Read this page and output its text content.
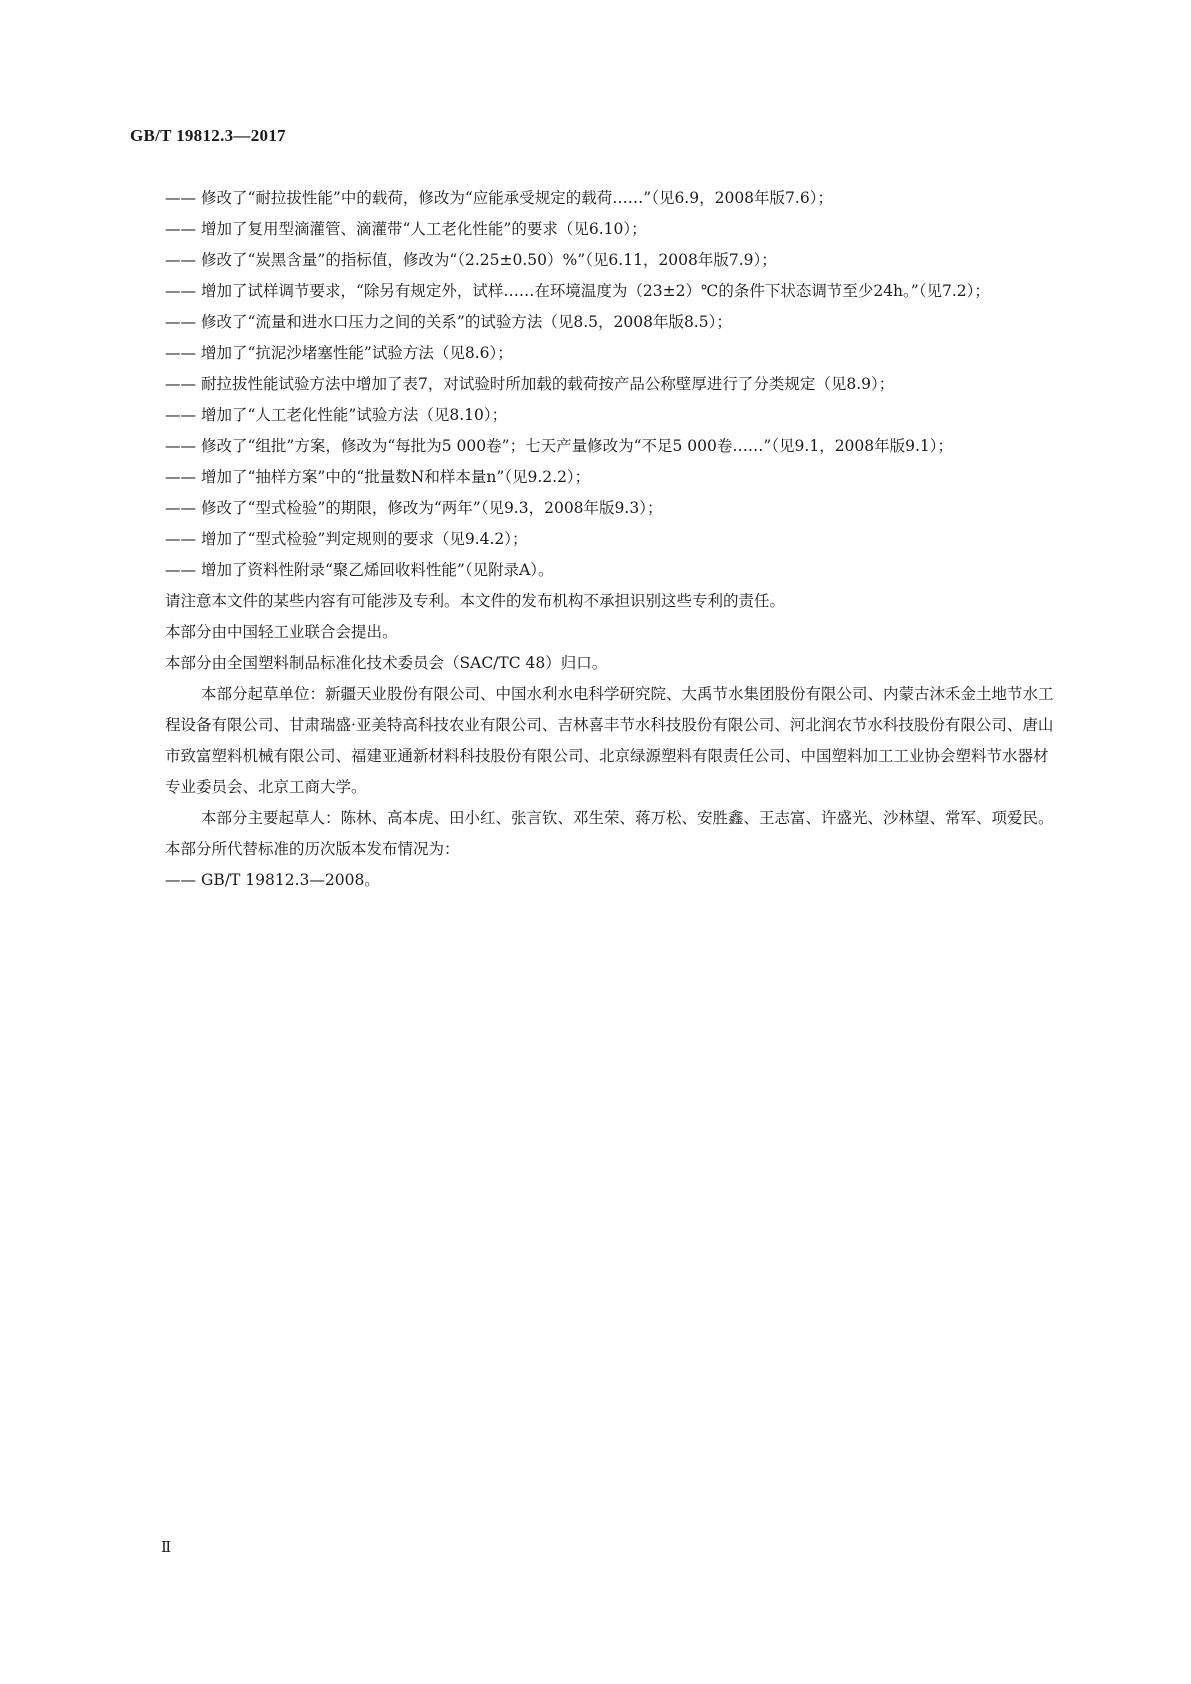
GB/T 19812.3—2017
—— 修改了“耐拉拔性能”中的载荷，修改为“应能承受规定的载荷……”（见6.9，2008年版7.6）；
—— 增加了复用型滴灌管、滴灌带“人工老化性能”的要求（见6.10）；
—— 修改了“炭黑含量”的指标值，修改为“（2.25±0.50）%”（见6.11，2008年版7.9）；
—— 增加了试样调节要求，“除另有规定外，试样……在环境温度为（23±2）℃的条件下状态调节至少24h。”（见7.2）；
—— 修改了“流量和进水口压力之间的关系”的试验方法（见8.5，2008年版8.5）；
—— 增加了“抗泥沙堵塞性能”试验方法（见8.6）；
—— 耐拉拔性能试验方法中增加了表7，对试验时所加载的载荷按产品公称壁厚进行了分类规定（见8.9）；
—— 增加了“人工老化性能”试验方法（见8.10）；
—— 修改了“组批”方案，修改为“每批为5 000卷”；七天产量修改为“不足5 000卷……”（见9.1，2008年版9.1）；
—— 增加了“抽样方案”中的“批量数N和样本量n”（见9.2.2）；
—— 修改了“型式检验”的期限，修改为“两年”（见9.3，2008年版9.3）；
—— 增加了“型式检验”判定规则的要求（见9.4.2）；
—— 增加了资料性附录“聚乙烯回收料性能”（见附录A）。
请注意本文件的某些内容有可能涉及专利。本文件的发布机构不承担识别这些专利的责任。
本部分由中国轻工业联合会提出。
本部分由全国塑料制品标准化技术委员会（SAC/TC 48）归口。
本部分起草单位：新疆天业股份有限公司、中国水利水电科学研究院、大禹节水集团股份有限公司、内蒙古沐禾金土地节水工程设备有限公司、甘肃瑞盛·亚美特高科技农业有限公司、吉林喜丰节水科技股份有限公司、河北润农节水科技股份有限公司、唐山市致富塑料机械有限公司、福建亚通新材料科技股份有限公司、北京绿源塑料有限责任公司、中国塑料加工工业协会塑料节水器材专业委员会、北京工商大学。
本部分主要起草人：陈林、高本虎、田小红、张言钦、邓生荣、蒋万松、安胜鑫、王志富、许盛光、沙林望、常军、项爱民。
本部分所代替标准的历次版本发布情况为：
—— GB/T 19812.3—2008。
Ⅱ
